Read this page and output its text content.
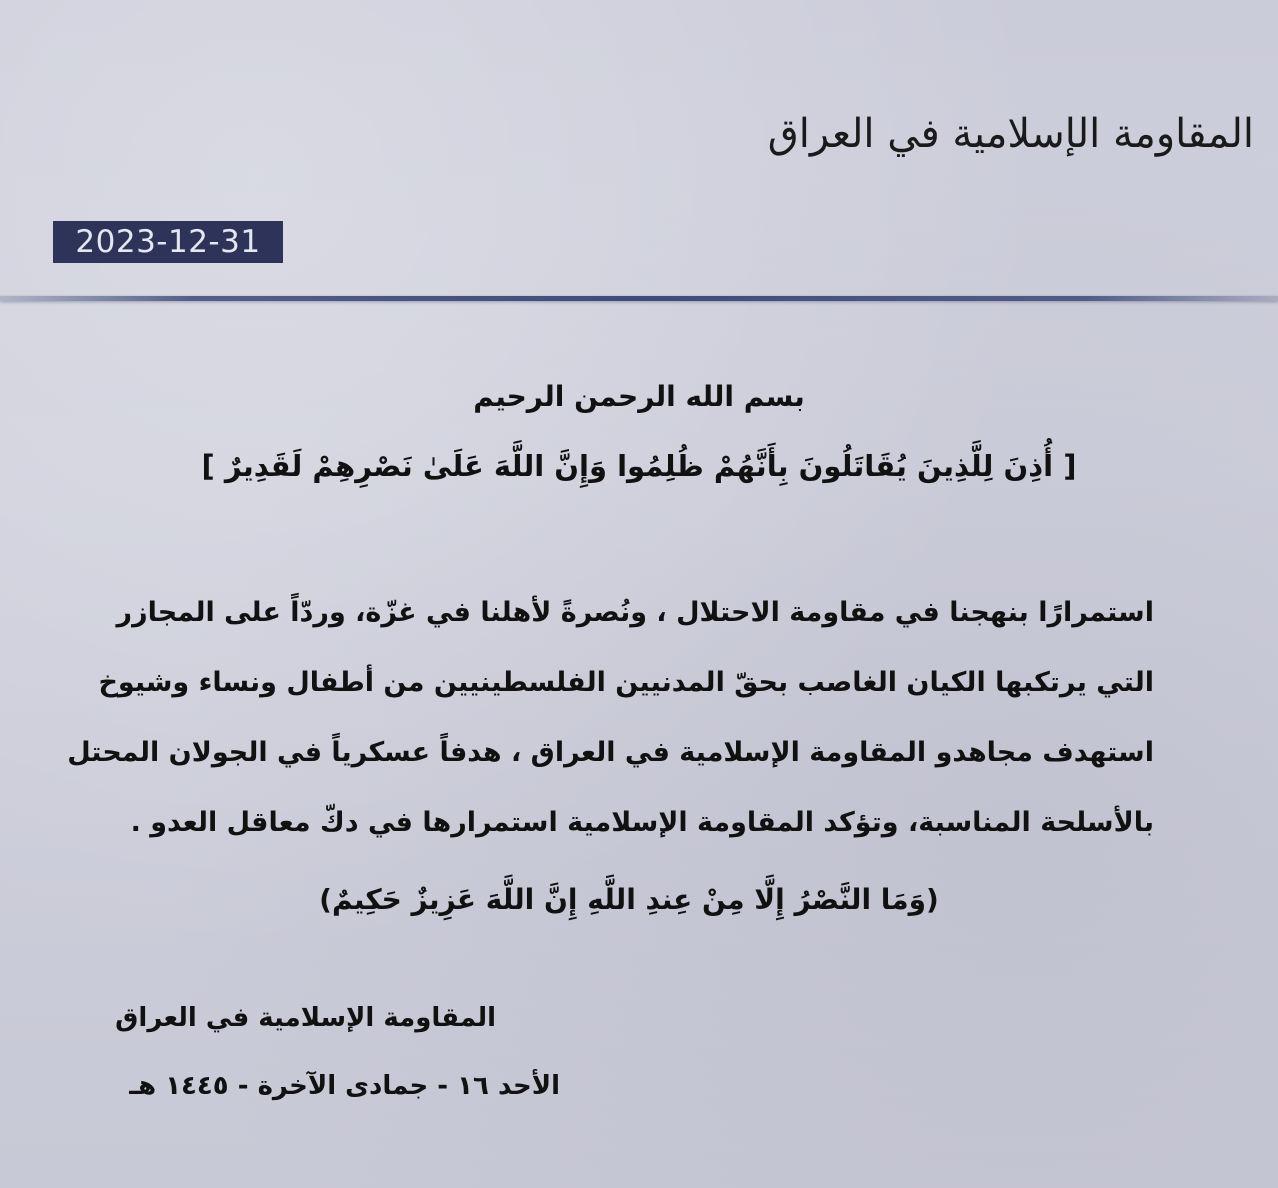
المقاومة الإسلامية في العراق
2023-12-31
بسم الله الرحمن الرحيم
[ أُذِنَ لِلَّذِينَ يُقَاتَلُونَ بِأَنَّهُمْ ظُلِمُوا وَإِنَّ اللَّهَ عَلَىٰ نَصْرِهِمْ لَقَدِيرٌ ]
استمرارًا بنهجنا في مقاومة الاحتلال ، ونُصرةً لأهلنا في غزّة، وردّاً على المجازر
التي يرتكبها الكيان الغاصب بحقّ المدنيين الفلسطينيين من أطفال ونساء وشيوخ
استهدف مجاهدو المقاومة الإسلامية في العراق ، هدفاً عسكرياً في الجولان المحتل
بالأسلحة المناسبة، وتؤكد المقاومة الإسلامية استمرارها في دكّ معاقل العدو .
(وَمَا النَّصْرُ إِلَّا مِنْ عِندِ اللَّهِ إِنَّ اللَّهَ عَزِيزٌ حَكِيمٌ)
المقاومة الإسلامية في العراق
الأحد ١٦ - جمادى الآخرة - ١٤٤٥ هـ
